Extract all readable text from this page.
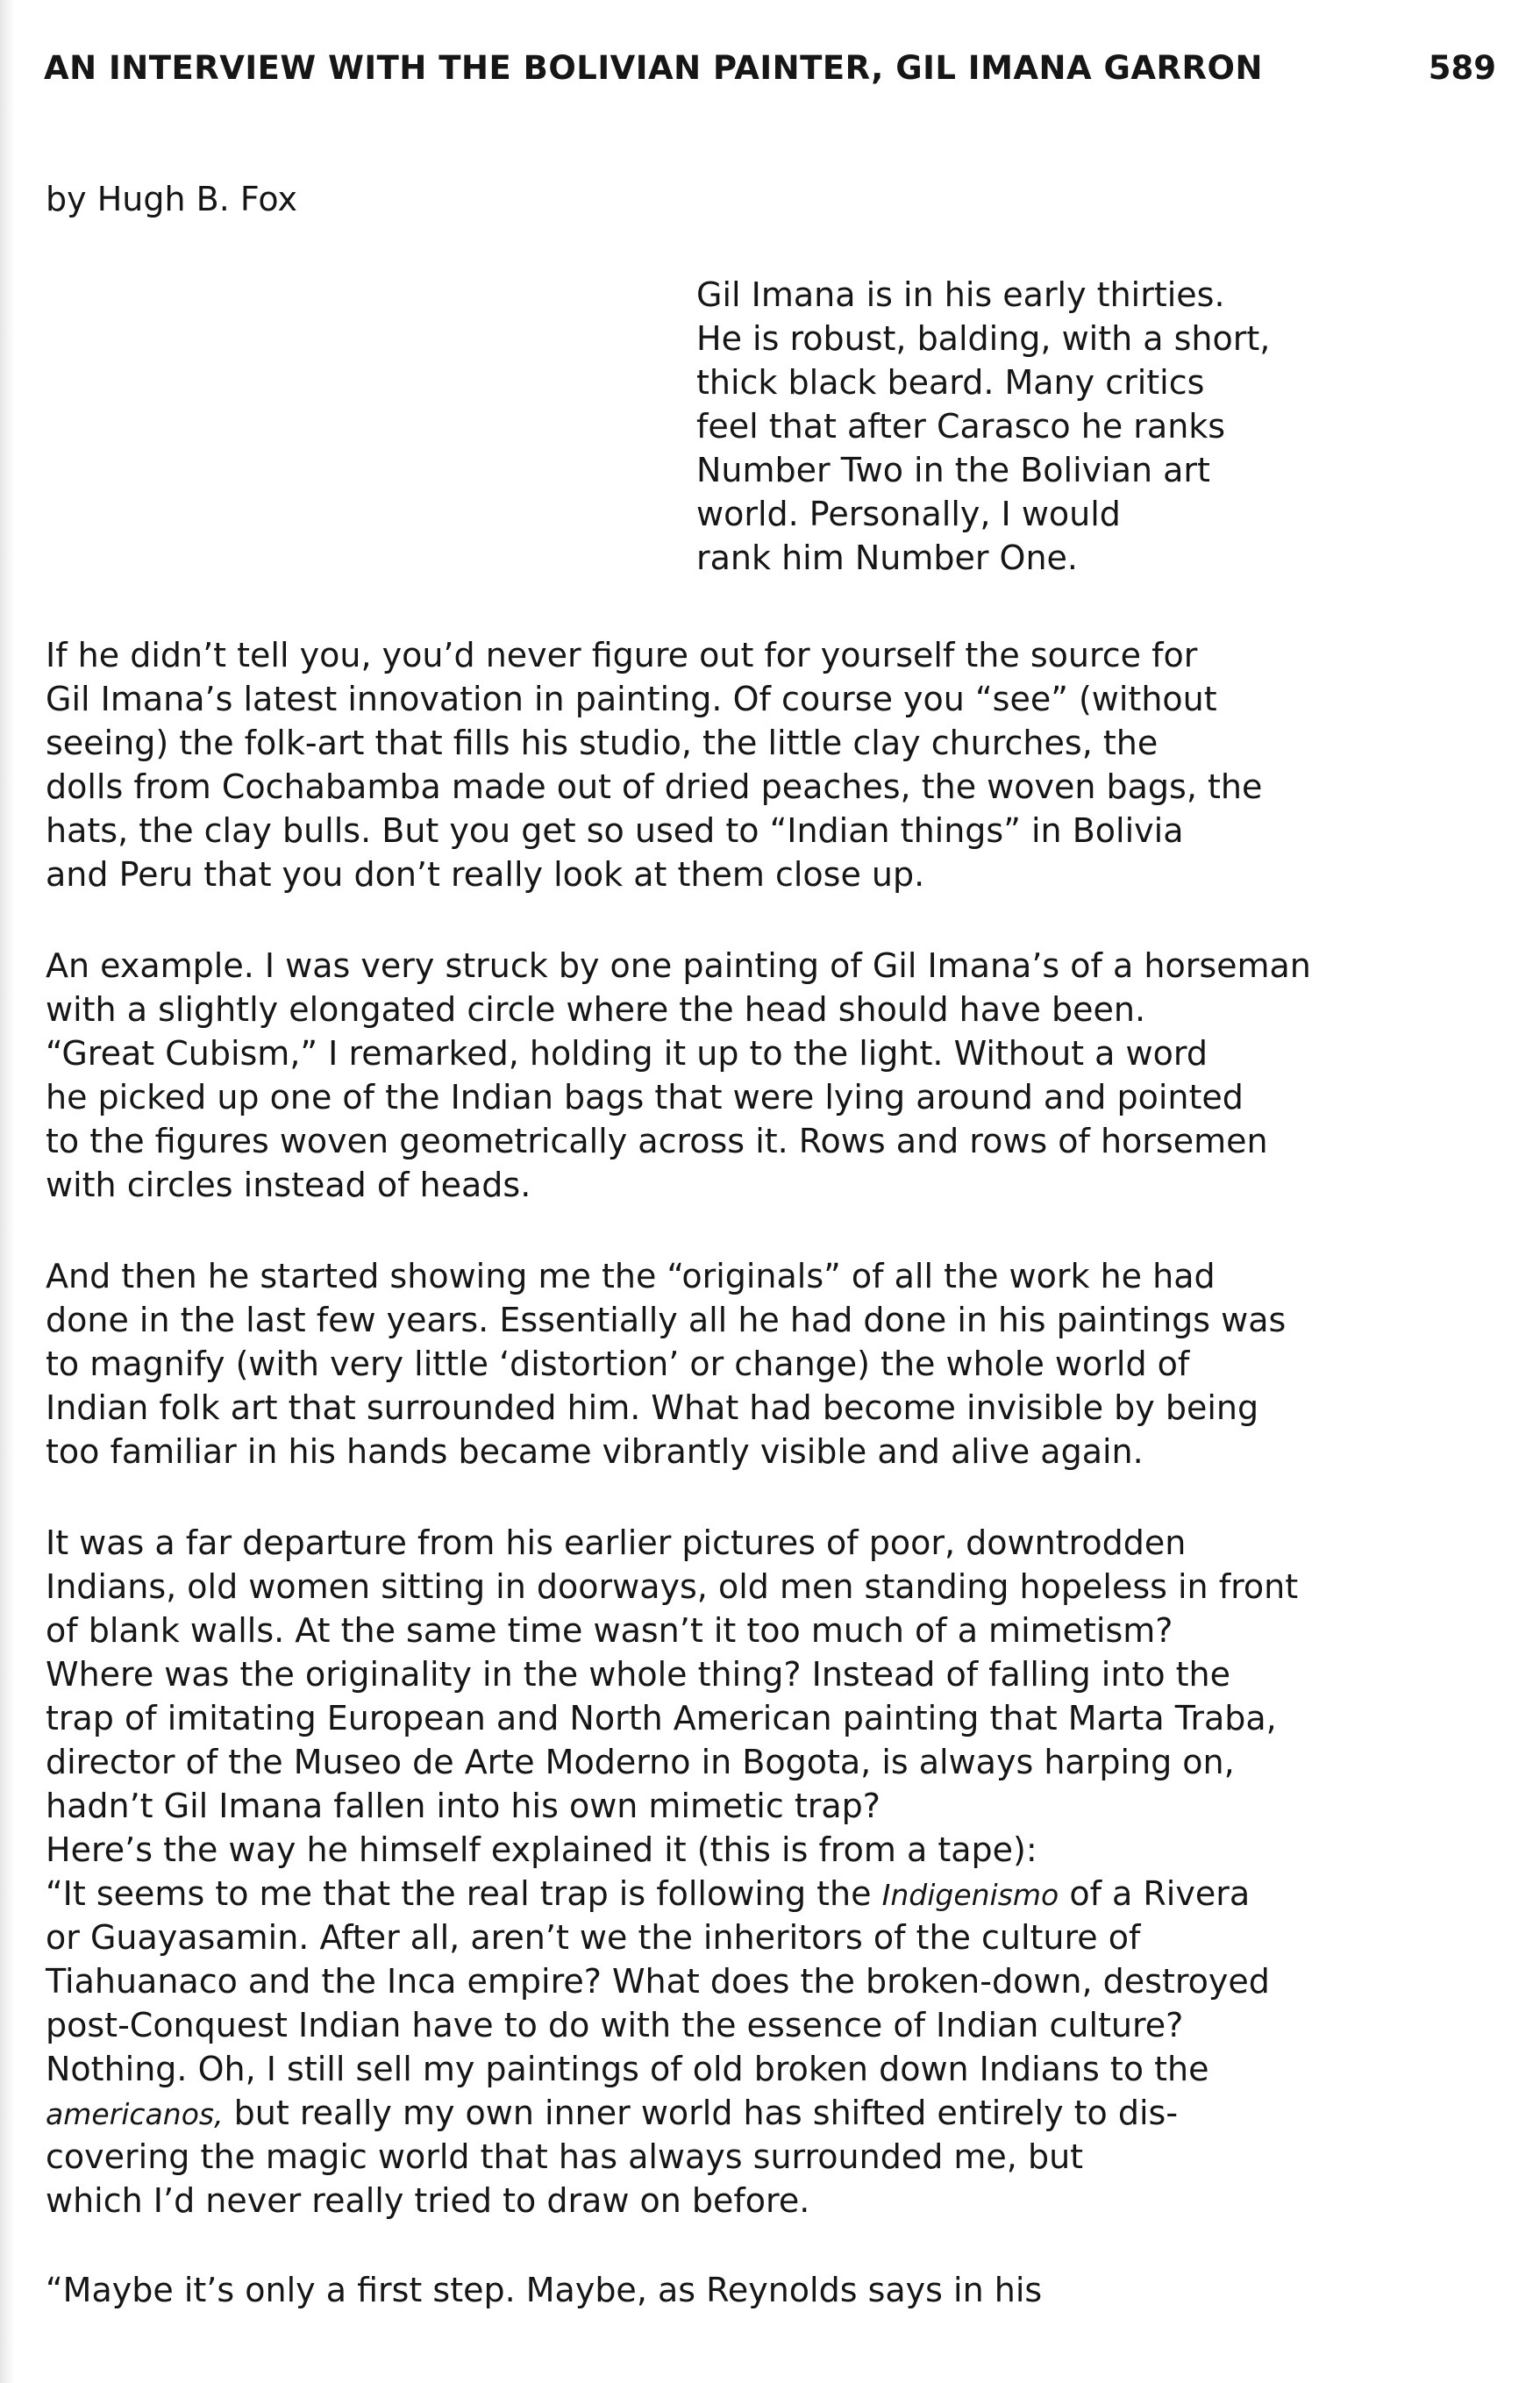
AN INTERVIEW WITH THE BOLIVIAN PAINTER, GIL IMANA GARRON	589
by Hugh B. Fox
Gil Imana is in his early thirties.
He is robust, balding, with a short,
thick black beard. Many critics
feel that after Carasco he ranks
Number Two in the Bolivian art
world. Personally, I would
rank him Number One.
If he didn’t tell you, you’d never figure out for yourself the source for
Gil Imana’s latest innovation in painting. Of course you “see” (without
seeing) the folk-art that fills his studio, the little clay churches, the
dolls from Cochabamba made out of dried peaches, the woven bags, the
hats, the clay bulls. But you get so used to “Indian things” in Bolivia
and Peru that you don’t really look at them close up.
An example. I was very struck by one painting of Gil Imana’s of a horseman
with a slightly elongated circle where the head should have been.
“Great Cubism,” I remarked, holding it up to the light. Without a word
he picked up one of the Indian bags that were lying around and pointed
to the figures woven geometrically across it. Rows and rows of horsemen
with circles instead of heads.
And then he started showing me the “originals” of all the work he had
done in the last few years. Essentially all he had done in his paintings was
to magnify (with very little ‘distortion’ or change) the whole world of
Indian folk art that surrounded him. What had become invisible by being
too familiar in his hands became vibrantly visible and alive again.
It was a far departure from his earlier pictures of poor, downtrodden
Indians, old women sitting in doorways, old men standing hopeless in front
of blank walls. At the same time wasn’t it too much of a mimetism?
Where was the originality in the whole thing? Instead of falling into the
trap of imitating European and North American painting that Marta Traba,
director of the Museo de Arte Moderno in Bogota, is always harping on,
hadn’t Gil Imana fallen into his own mimetic trap?
Here’s the way he himself explained it (this is from a tape):
“It seems to me that the real trap is following the Indigenismo of a Rivera
or Guayasamin. After all, aren’t we the inheritors of the culture of
Tiahuanaco and the Inca empire? What does the broken-down, destroyed
post-Conquest Indian have to do with the essence of Indian culture?
Nothing. Oh, I still sell my paintings of old broken down Indians to the
americanos, but really my own inner world has shifted entirely to dis-
covering the magic world that has always surrounded me, but
which I’d never really tried to draw on before.
“Maybe it’s only a first step. Maybe, as Reynolds says in his
